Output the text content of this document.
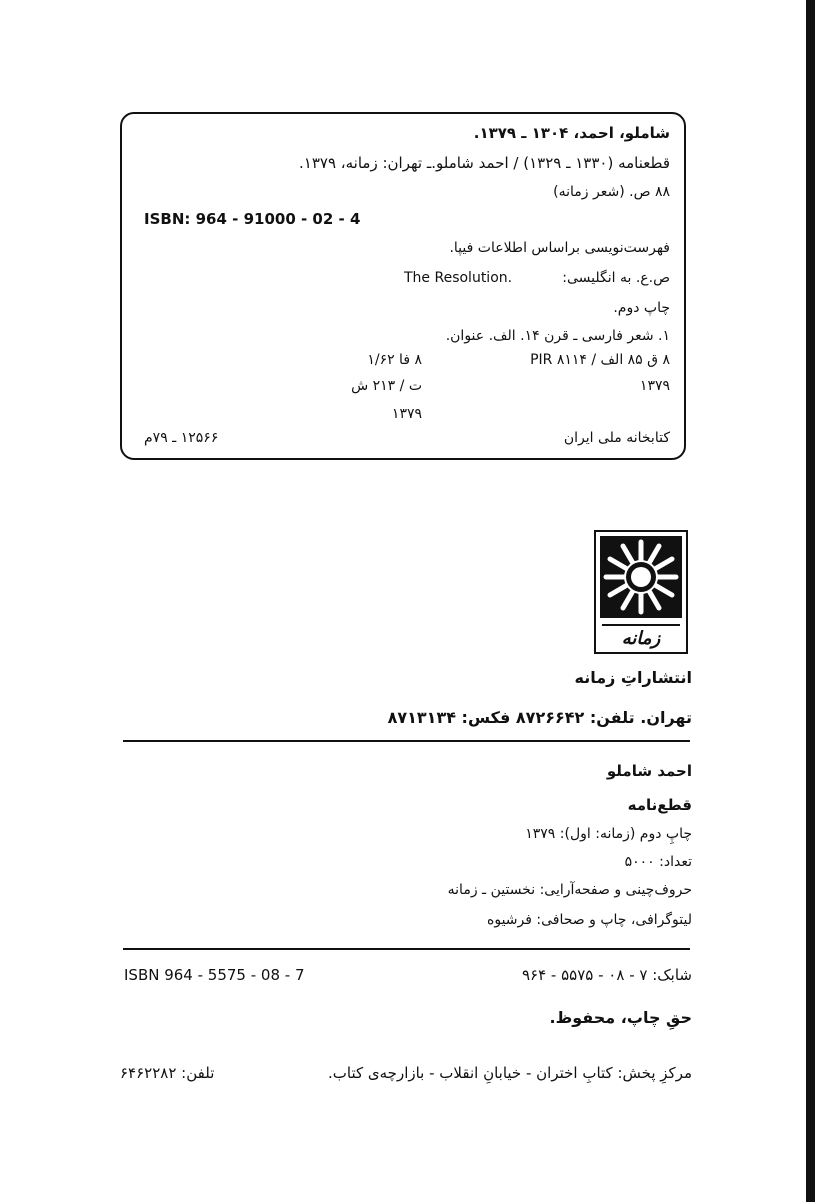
شاملو، احمد، ۱۳۰۴ ـ ۱۳۷۹.
قطعنامه (۱۳۳۰ ـ ۱۳۲۹) / احمد شاملو.ـ تهران: زمانه، ۱۳۷۹.
۸۸ ص. (شعر زمانه)
ISBN: 964 - 91000 - 02 - 4
فهرست‌نویسی براساس اطلاعات فیپا.
ص.ع. به انگلیسی:
The Resolution.
چاپ دوم.
۱. شعر فارسی ـ قرن ۱۴. الف. عنوان.
۸ ق ۸۵ الف / PIR ۸۱۱۴
۸ فا ۱/۶۲
۱۳۷۹
ت / ۲۱۳ ش
۱۳۷۹
کتابخانه ملی ایران
۱۲۵۶۶ ـ ۷۹م
زمانه
انتشاراتِ زمانه
تهران. تلفن: ۸۷۲۶۶۴۲ فکس: ۸۷۱۳۱۳۴
احمد شاملو
قطع‌نامه
چاپِ دوم (زمانه: اول): ۱۳۷۹
تعداد: ۵۰۰۰
حروف‌چینی و صفحه‌آرایی: نخستین ـ زمانه
لیتوگرافی، چاپ و صحافی: فرشیوه
ISBN 964 - 5575 - 08 - 7	شابک: ۷ - ۰۸ - ۵۵۷۵ - ۹۶۴
حقِ چاپ، محفوظ.
مرکزِ پخش: کتابِ اختران - خیابانِ انقلاب - بازارچه‌ی کتاب.
تلفن: ۶۴۶۲۲۸۲
